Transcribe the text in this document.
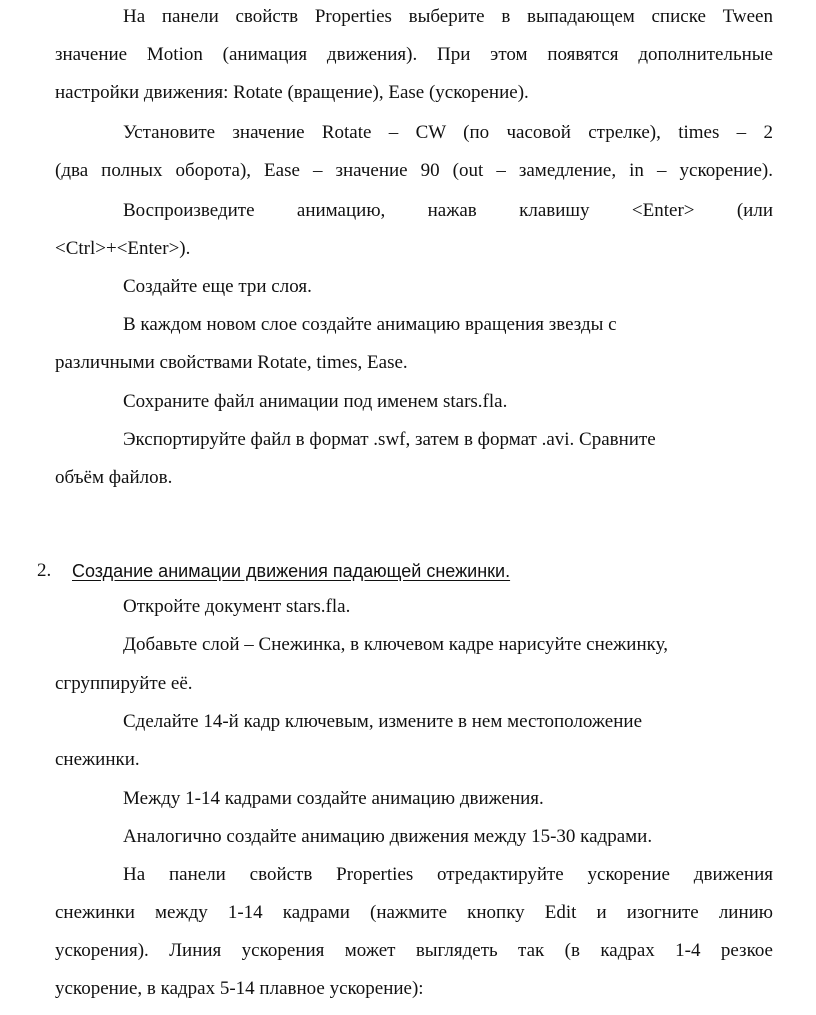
На панели свойств Properties выберите в выпадающем списке Tween
значение Motion (анимация движения). При этом появятся дополнительные
настройки движения: Rotate (вращение), Ease (ускорение).
Установите значение Rotate – CW (по часовой стрелке), times – 2
(два полных оборота), Ease – значение 90 (out – замедление, in – ускорение).
Воспроизведите анимацию, нажав клавишу <Enter> (или
<Ctrl>+<Enter>).
Создайте еще три слоя.
В каждом новом слое создайте анимацию вращения звезды с
различными свойствами Rotate, times, Ease.
Сохраните файл анимации под именем stars.fla.
Экспортируйте файл в формат .swf, затем в формат .avi. Сравните
объём файлов.
2. Создание анимации движения падающей снежинки.
Откройте документ stars.fla.
Добавьте слой – Снежинка, в ключевом кадре нарисуйте снежинку,
сгруппируйте её.
Сделайте 14-й кадр ключевым, измените в нем местоположение
снежинки.
Между 1-14 кадрами создайте анимацию движения.
Аналогично создайте анимацию движения между 15-30 кадрами.
На панели свойств Properties отредактируйте ускорение движения
снежинки между 1-14 кадрами (нажмите кнопку Edit и изогните линию
ускорения). Линия ускорения может выглядеть так (в кадрах 1-4 резкое
ускорение, в кадрах 5-14 плавное ускорение):
